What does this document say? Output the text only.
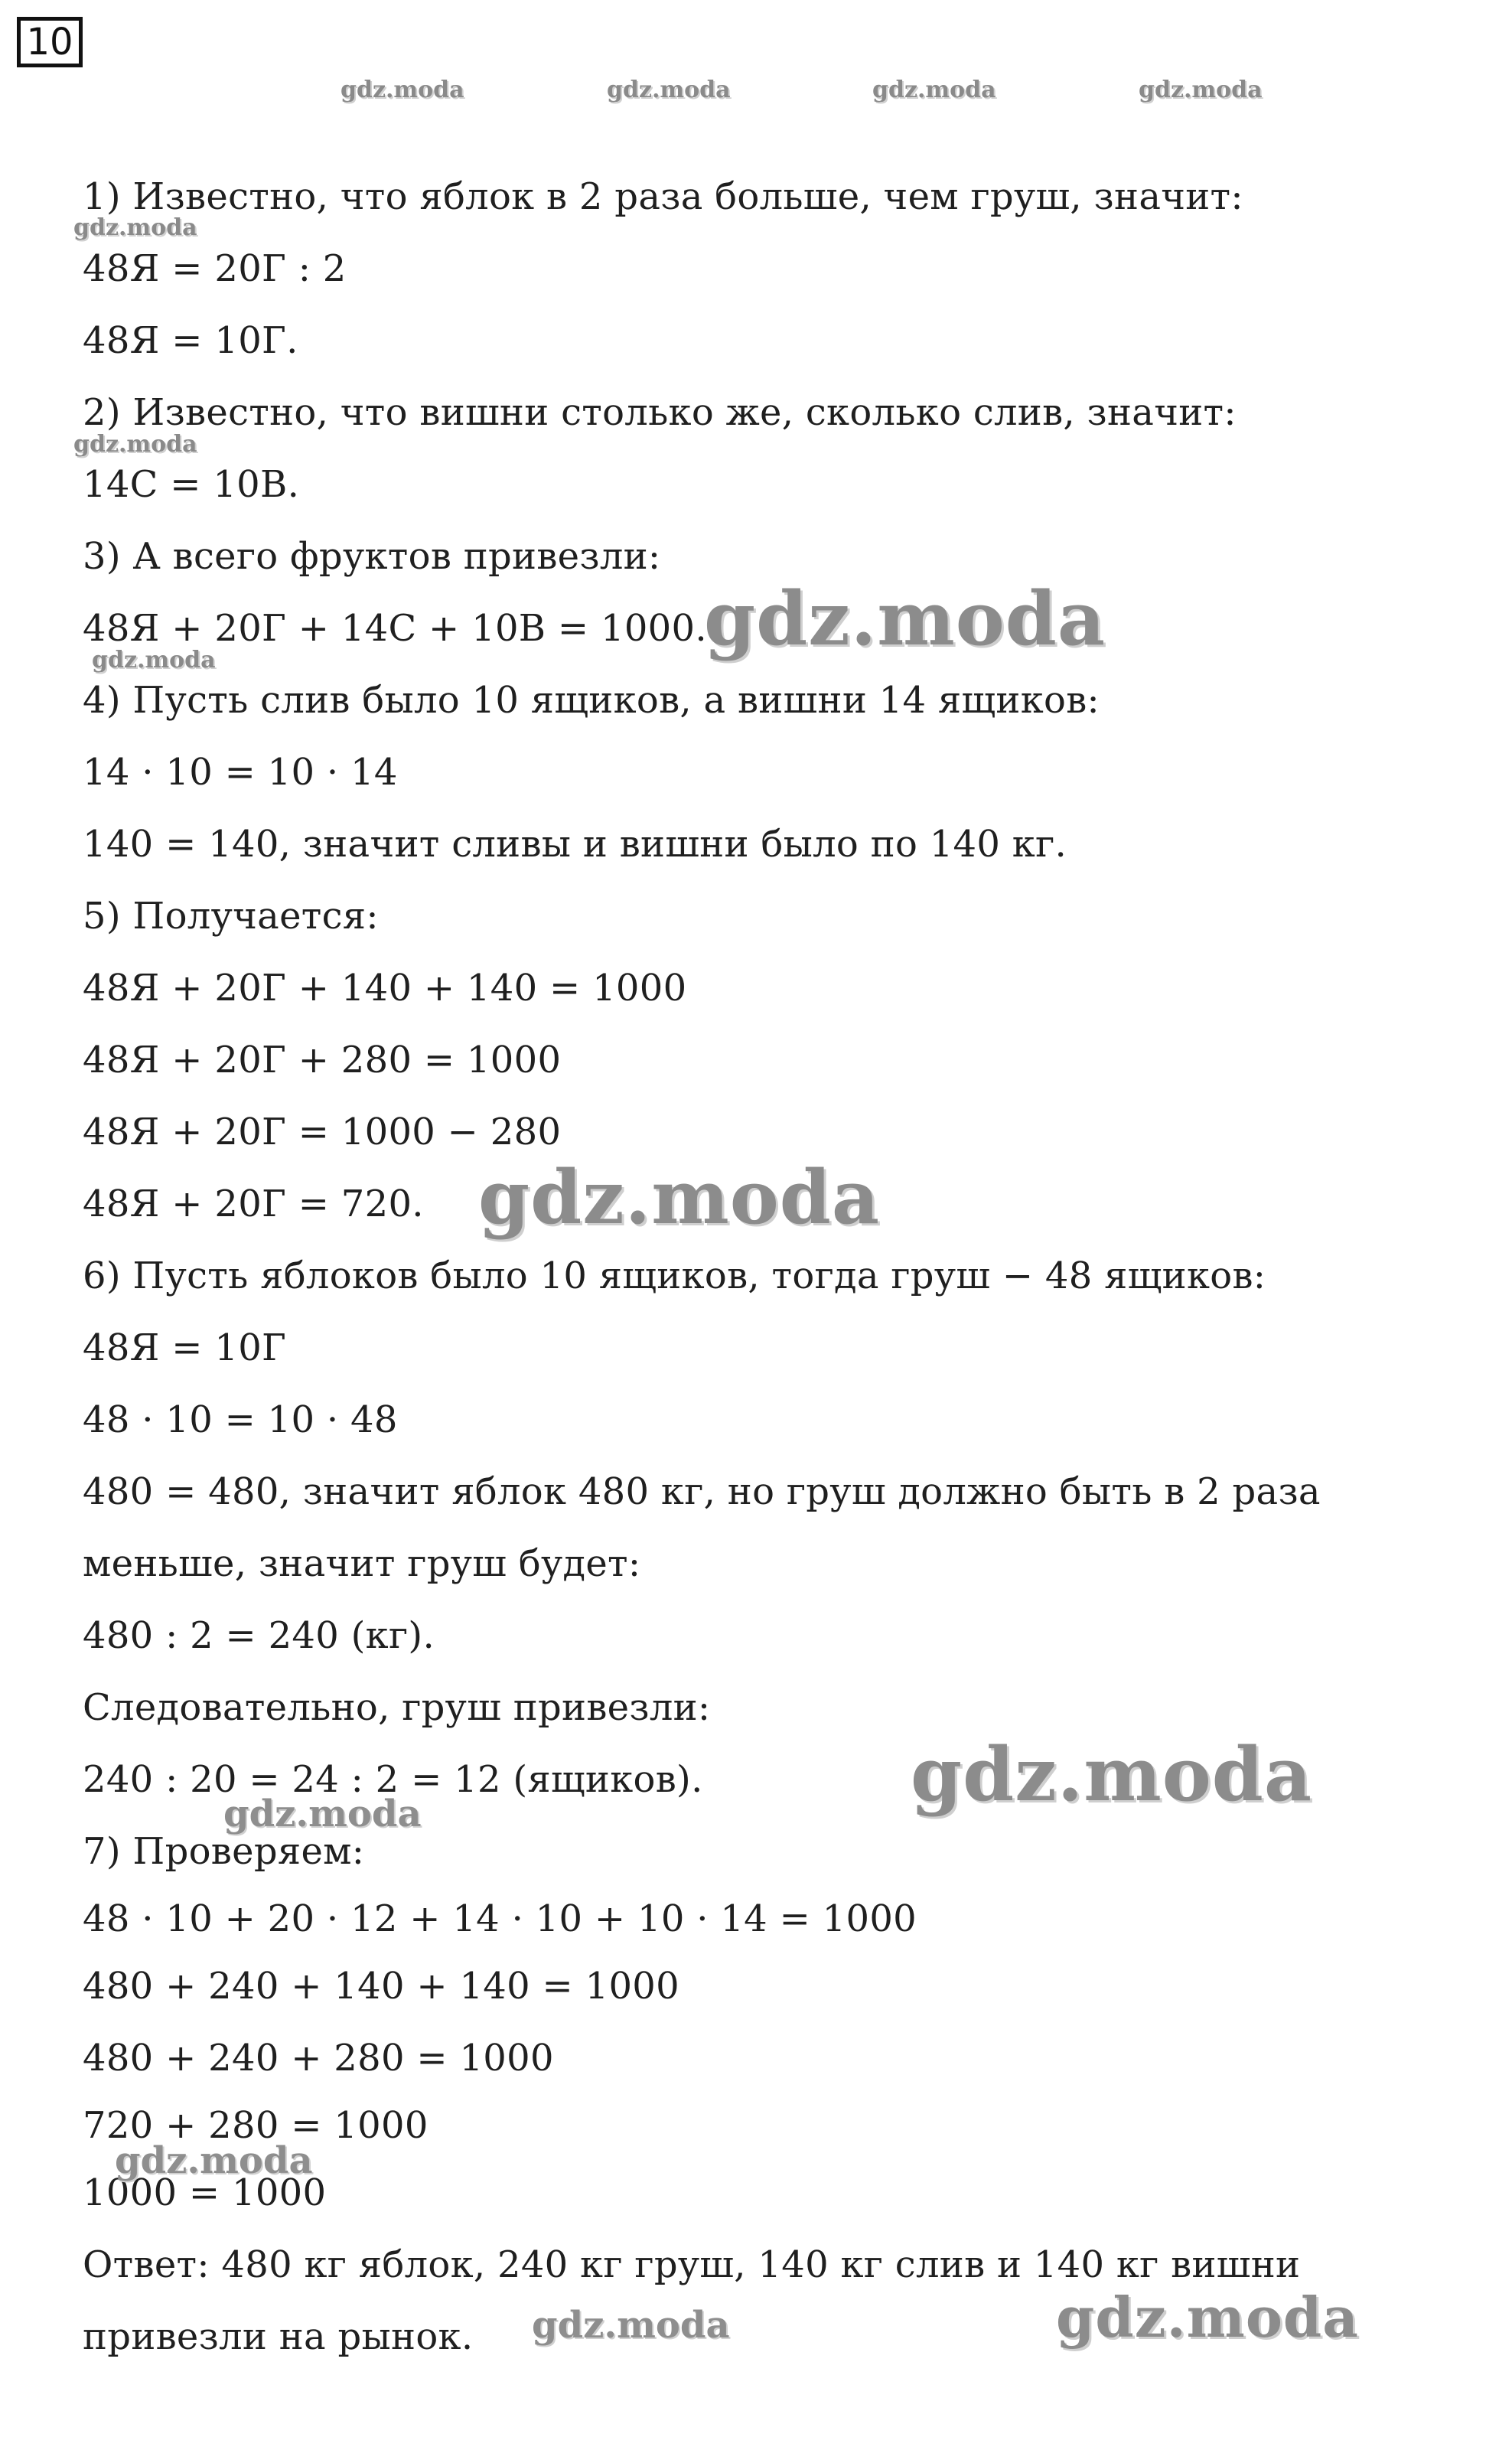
10
gdz.moda	gdz.moda	gdz.moda	gdz.moda
gdz.moda
gdz.moda
gdz.moda
1) Известно, что яблок в 2 раза больше, чем груш, значит:
48Я = 20Г : 2
48Я = 10Г.
2) Известно, что вишни столько же, сколько слив, значит:
14С = 10В.
3) А всего фруктов привезли:
48Я + 20Г + 14С + 10В = 1000.
4) Пусть слив было 10 ящиков, а вишни 14 ящиков:
14 · 10 = 10 · 14
140 = 140, значит сливы и вишни было по 140 кг.
5) Получается:
48Я + 20Г + 140 + 140 = 1000
48Я + 20Г + 280 = 1000
48Я + 20Г = 1000 − 280
48Я + 20Г = 720.
6) Пусть яблоков было 10 ящиков, тогда груш − 48 ящиков:
48Я = 10Г
48 · 10 = 10 · 48
480 = 480, значит яблок 480 кг, но груш должно быть в 2 раза
меньше, значит груш будет:
480 : 2 = 240 (кг).
Следовательно, груш привезли:
240 : 20 = 24 : 2 = 12 (ящиков).
7) Проверяем:
48 · 10 + 20 · 12 + 14 · 10 + 10 · 14 = 1000
480 + 240 + 140 + 140 = 1000
480 + 240 + 280 = 1000
720 + 280 = 1000
1000 = 1000
Ответ: 480 кг яблок, 240 кг груш, 140 кг слив и 140 кг вишни
привезли на рынок.
gdz.moda
gdz.moda
gdz.moda
gdz.moda
gdz.moda
gdz.moda	gdz.moda
